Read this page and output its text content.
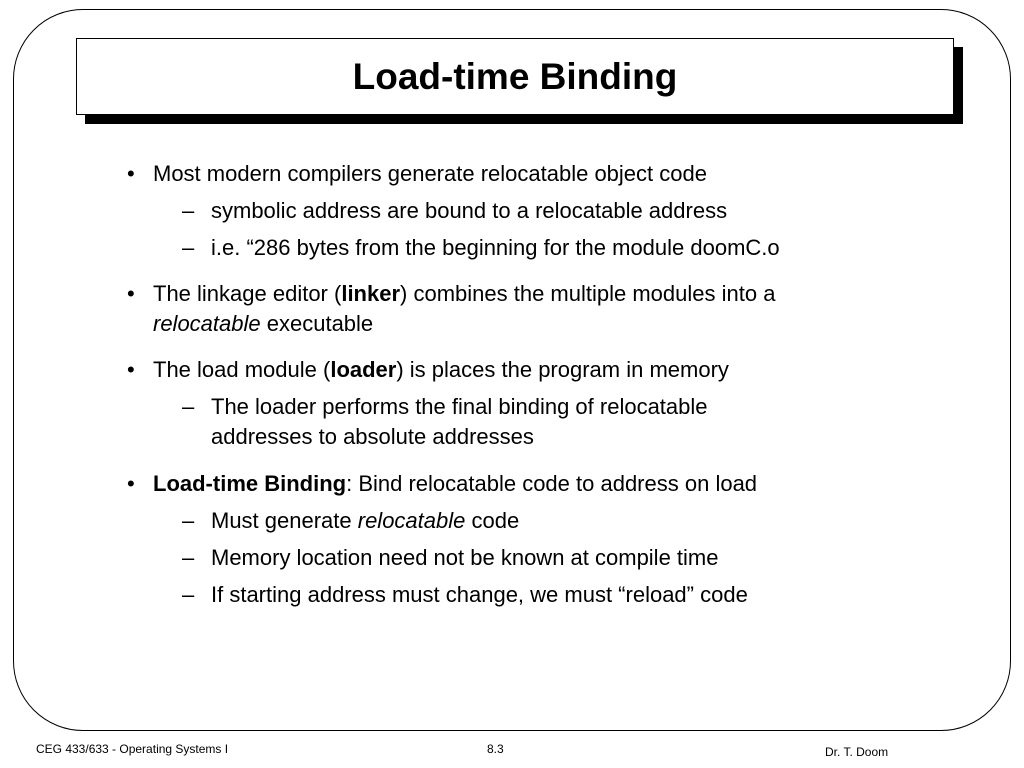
Load-time Binding
• Most modern compilers generate relocatable object code
– symbolic address are bound to a relocatable address
– i.e. “286 bytes from the beginning for the module doomC.o
• The linkage editor (linker) combines the multiple modules into a
relocatable executable
• The load module (loader) is places the program in memory
– The loader performs the final binding of relocatable
addresses to absolute addresses
• Load-time Binding: Bind relocatable code to address on load
– Must generate relocatable code
– Memory location need not be known at compile time
– If starting address must change, we must “reload” code
CEG 433/633 - Operating Systems I	8.3	Dr. T. Doom
